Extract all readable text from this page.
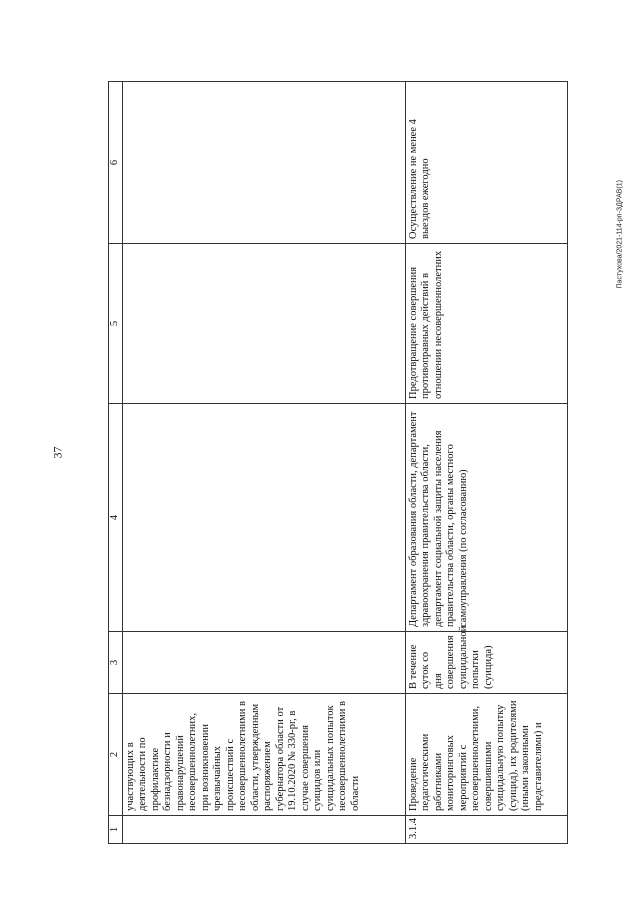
37
Пастухова/2021-114-рп-ЗДРАВ(1)
1	2	3	4	5	6
	участвующих в деятельности по профилактике безнадзорности и правонарушений несовершеннолетних, при возникновении чрезвычайных происшествий с несовершеннолетними в области, утвержденным распоряжением губернатора области от 19.10.2020 № 330-рг, в случае совершения суицидов или суицидальных попыток несовершеннолетними в области				
3.1.4	Проведение педагогическими работниками мониторинговых мероприятий с несовершеннолетними, совершившими суицидальную попытку (суицид), их родителями (иными законными представителями) и	В течение суток со дня совершения суицидальной попытки (суицида)	Департамент образования области, департамент здравоохранения правительства области, департамент социальной защиты населения правительства области, органы местного самоуправления (по согласованию)	Предотвращение совершения противоправных действий в отношении несовершеннолетних	Осуществление не менее 4 выездов ежегодно
